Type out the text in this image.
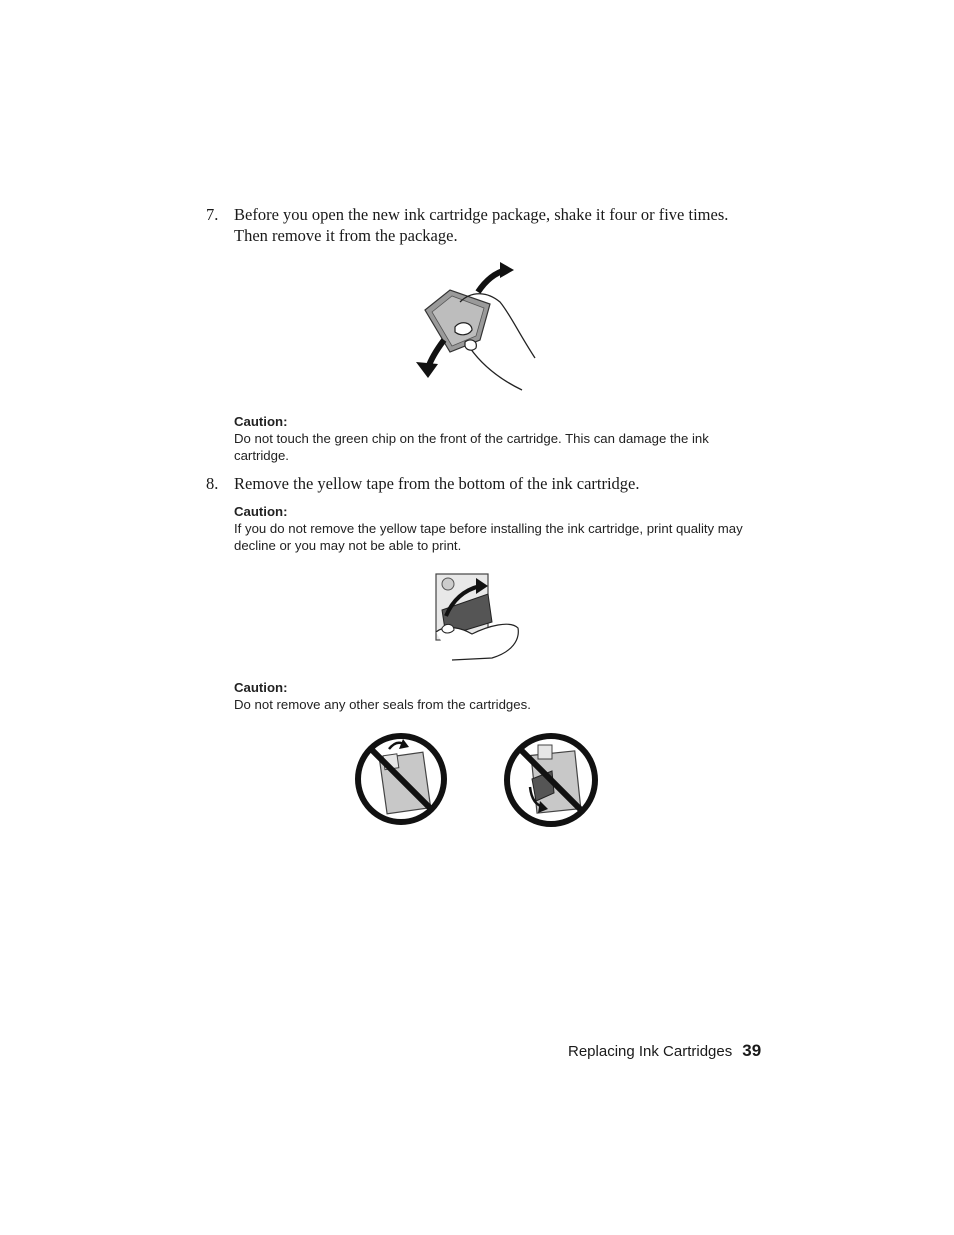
7. Before you open the new ink cartridge package, shake it four or five times. Then remove it from the package.
Caution:
Do not touch the green chip on the front of the cartridge. This can damage the ink cartridge.
8. Remove the yellow tape from the bottom of the ink cartridge.
Caution:
If you do not remove the yellow tape before installing the ink cartridge, print quality may decline or you may not be able to print.
Caution:
Do not remove any other seals from the cartridges.
Replacing Ink Cartridges 39
